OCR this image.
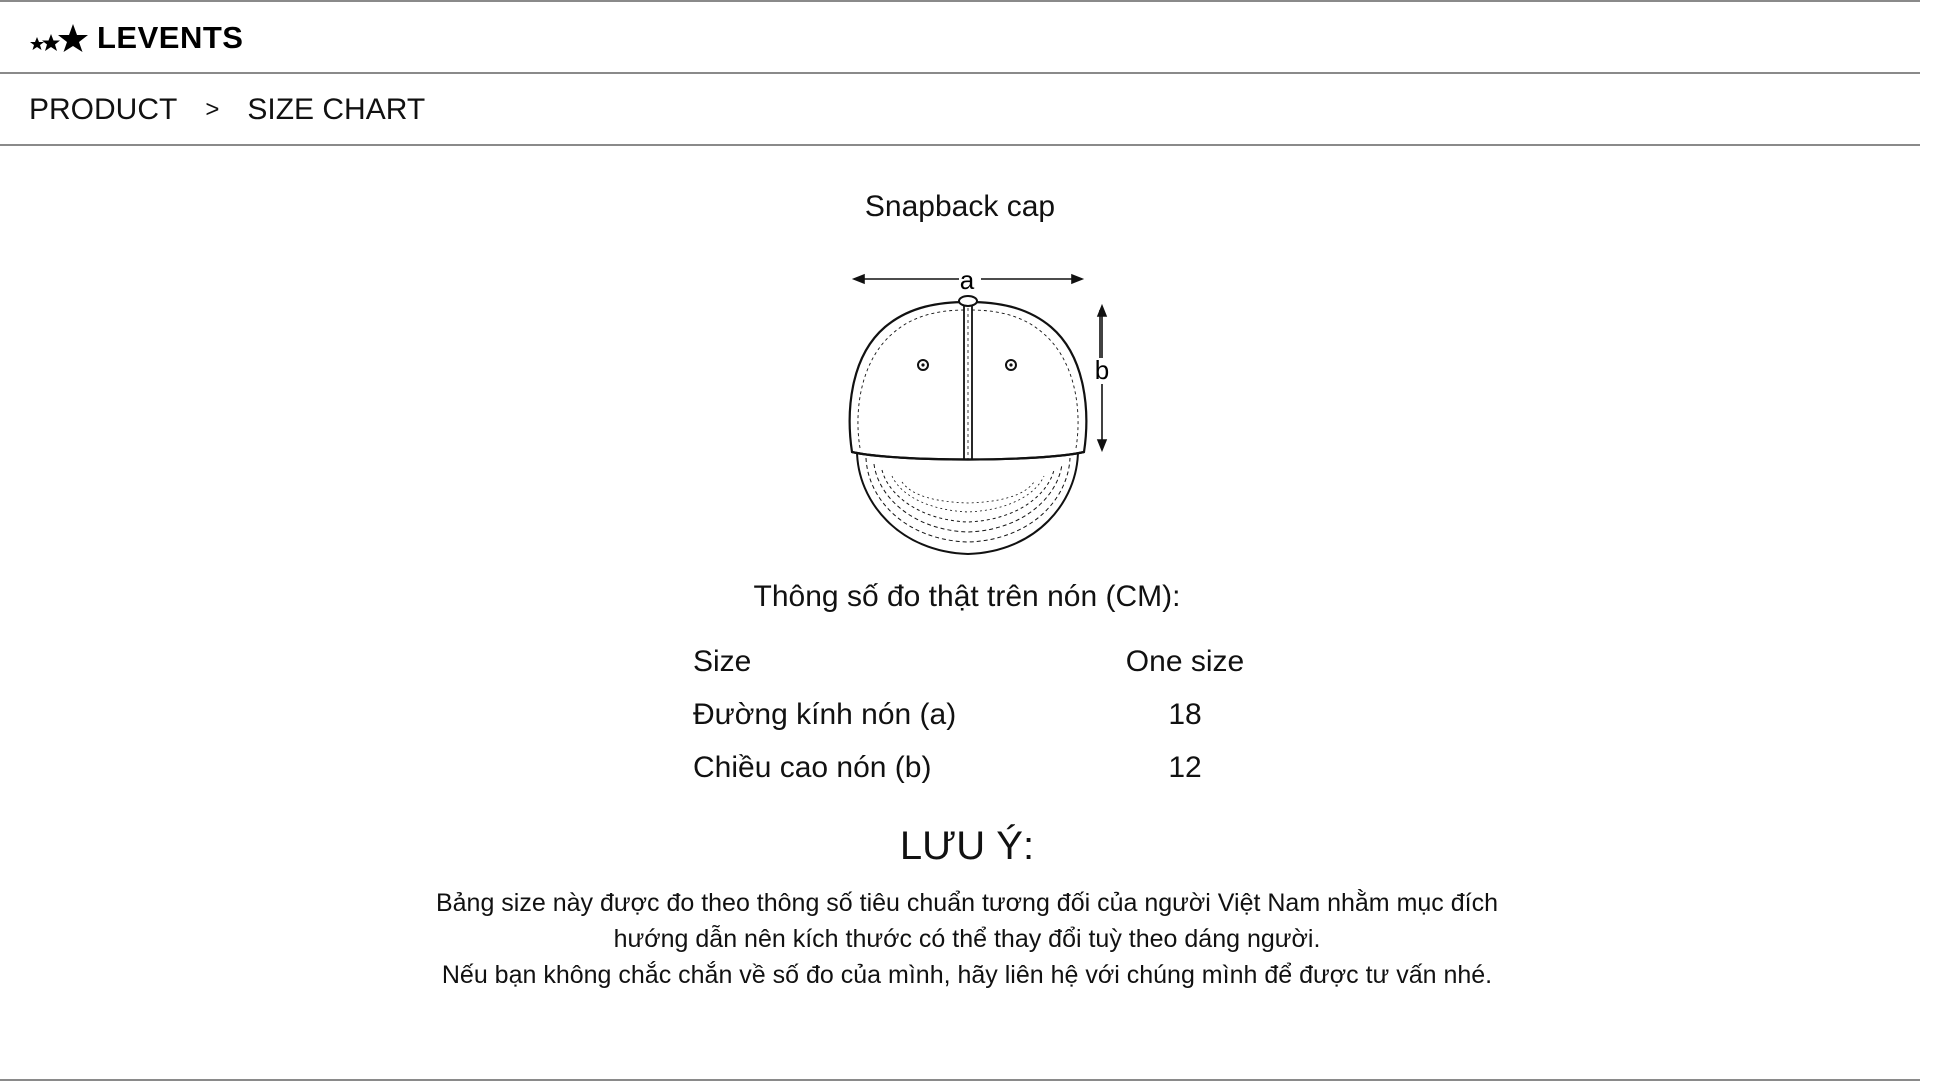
LEVENTS
PRODUCT > SIZE CHART
Snapback cap
a
b
Thông số đo thật trên nón (CM):
Size	One size
Đường kính nón (a)	18
Chiều cao nón (b)	12
LƯU Ý:
Bảng size này được đo theo thông số tiêu chuẩn tương đối của người Việt Nam nhằm mục đích
hướng dẫn nên kích thước có thể thay đổi tuỳ theo dáng người.
Nếu bạn không chắc chắn về số đo của mình, hãy liên hệ với chúng mình để được tư vấn nhé.
